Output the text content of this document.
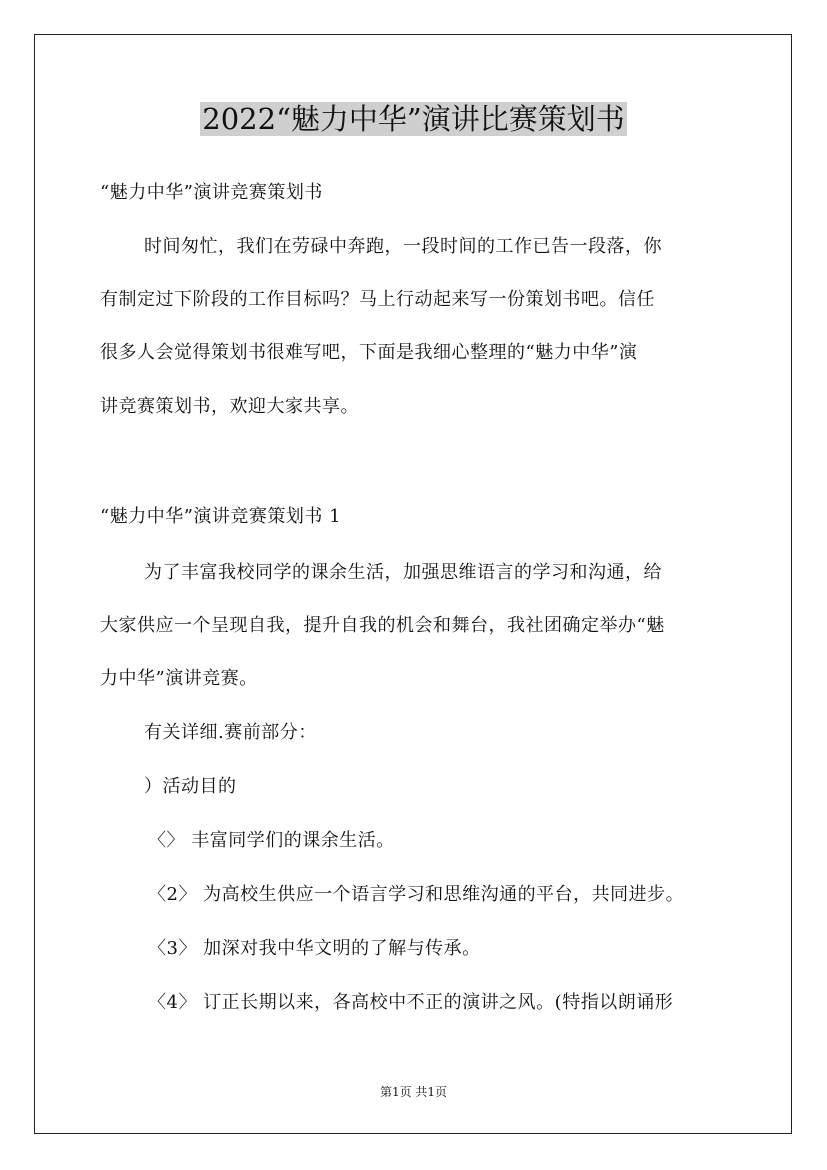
2022“魅力中华”演讲比赛策划书
“魅力中华”演讲竞赛策划书
时间匆忙，我们在劳碌中奔跑，一段时间的工作已告一段落，你
有制定过下阶段的工作目标吗？马上行动起来写一份策划书吧。信任
很多人会觉得策划书很难写吧，下面是我细心整理的“魅力中华”演
讲竞赛策划书，欢迎大家共享。
“魅力中华”演讲竞赛策划书 1
为了丰富我校同学的课余生活，加强思维语言的学习和沟通，给
大家供应一个呈现自我，提升自我的机会和舞台，我社团确定举办“魅
力中华”演讲竞赛。
有关详细.赛前部分：
）活动目的
〈〉 丰富同学们的课余生活。
〈2〉 为高校生供应一个语言学习和思维沟通的平台，共同进步。
〈3〉 加深对我中华文明的了解与传承。
〈4〉 订正长期以来，各高校中不正的演讲之风。(特指以朗诵形
第1页 共1页
